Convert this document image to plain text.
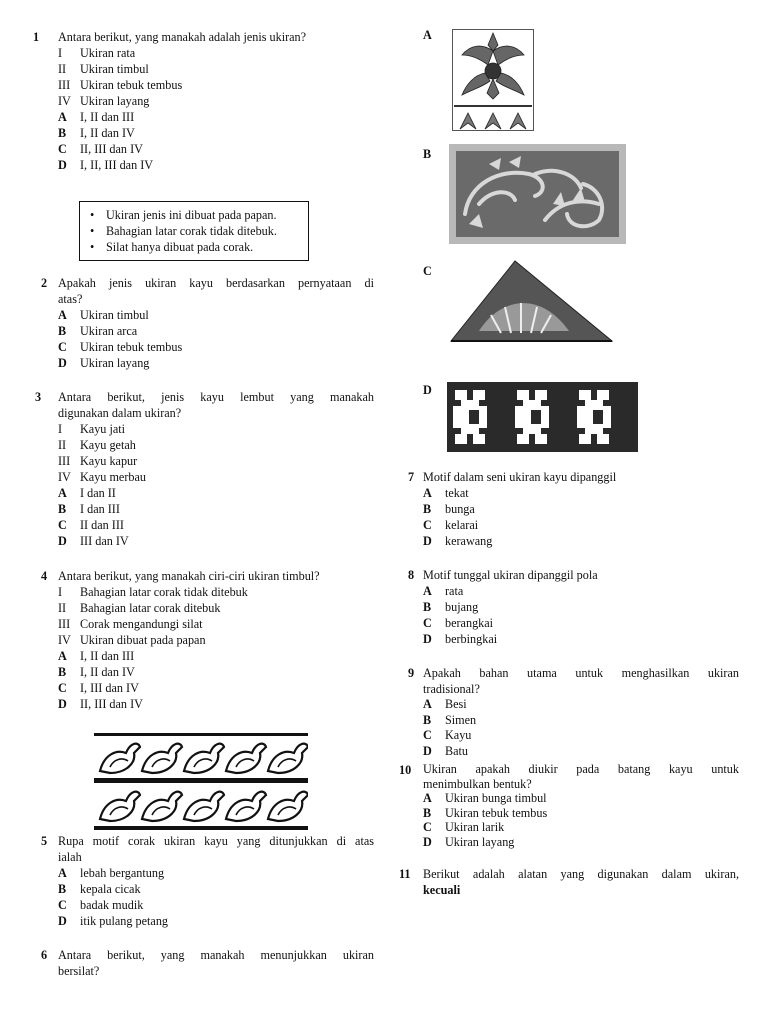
1 Antara berikut, yang manakah adalah jenis ukiran?
I	Ukiran rata
II	Ukiran timbul
III Ukiran tebuk tembus
IV Ukiran layang
A	I, II dan III
B	I, II dan IV
C	II, III dan IV
D	I, II, III dan IV
• Ukiran jenis ini dibuat pada papan.
• Bahagian latar corak tidak ditebuk.
• Silat hanya dibuat pada corak.
2 Apakah jenis ukiran kayu berdasarkan pernyataan di
atas?
A	Ukiran timbul
B	Ukiran arca
C	Ukiran tebuk tembus
D	Ukiran layang
3 Antara berikut, jenis kayu lembut yang manakah
digunakan dalam ukiran?
I	Kayu jati
II	Kayu getah
III Kayu kapur
IV Kayu merbau
A	I dan II
B	I dan III
C	II dan III
D	III dan IV
4 Antara berikut, yang manakah ciri-ciri ukiran timbul?
I	Bahagian latar corak tidak ditebuk
II	Bahagian latar corak ditebuk
III Corak mengandungi silat
IV Ukiran dibuat pada papan
A	I, II dan III
B	I, II dan IV
C	I, III dan IV
D	II, III dan IV
5 Rupa motif corak ukiran kayu yang ditunjukkan di atas
ialah
A	lebah bergantung
B	kepala cicak
C	badak mudik
D	itik pulang petang
6 Antara berikut, yang manakah menunjukkan ukiran
bersilat?
A
B
C
D
7 Motif dalam seni ukiran kayu dipanggil
A	tekat
B	bunga
C	kelarai
D	kerawang
8 Motif tunggal ukiran dipanggil pola
A	rata
B	bujang
C	berangkai
D	berbingkai
9 Apakah bahan utama untuk menghasilkan ukiran
tradisional?
A	Besi
B	Simen
C	Kayu
D	Batu
10 Ukiran apakah diukir pada batang kayu untuk
menimbulkan bentuk?
A	Ukiran bunga timbul
B	Ukiran tebuk tembus
C	Ukiran larik
D	Ukiran layang
11 Berikut adalah alatan yang digunakan dalam ukiran,
kecuali
